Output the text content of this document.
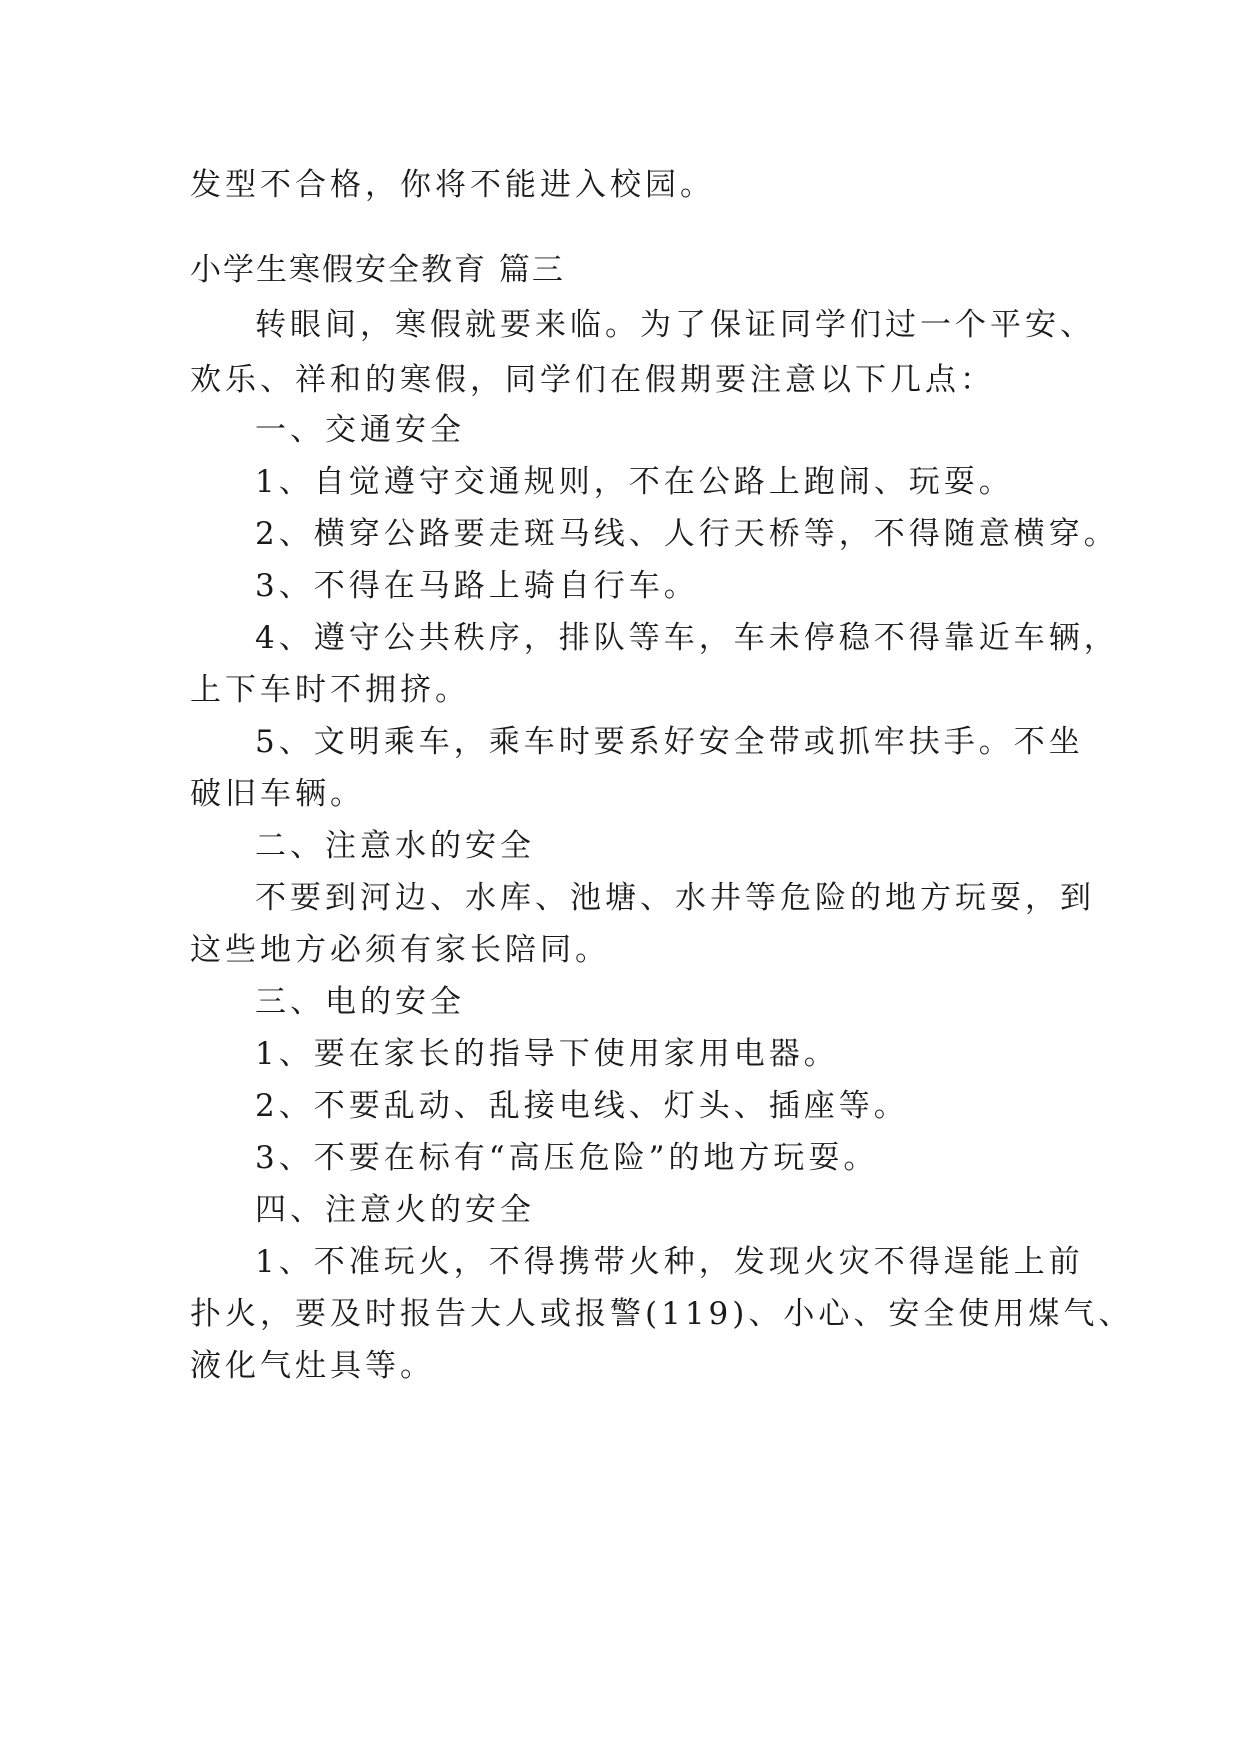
发型不合格，你将不能进入校园。

小学生寒假安全教育 篇三

转眼间，寒假就要来临。为了保证同学们过一个平安、

欢乐、祥和的寒假，同学们在假期要注意以下几点：

一、交通安全

1、自觉遵守交通规则，不在公路上跑闹、玩耍。

2、横穿公路要走斑马线、人行天桥等，不得随意横穿。

3、不得在马路上骑自行车。

4、遵守公共秩序，排队等车，车未停稳不得靠近车辆，

上下车时不拥挤。

5、文明乘车，乘车时要系好安全带或抓牢扶手。不坐

破旧车辆。

二、注意水的安全

不要到河边、水库、池塘、水井等危险的地方玩耍，到

这些地方必须有家长陪同。

三、电的安全

1、要在家长的指导下使用家用电器。

2、不要乱动、乱接电线、灯头、插座等。

3、不要在标有“高压危险”的地方玩耍。

四、注意火的安全

1、不准玩火，不得携带火种，发现火灾不得逞能上前

扑火，要及时报告大人或报警(119)、小心、安全使用煤气、

液化气灶具等。
